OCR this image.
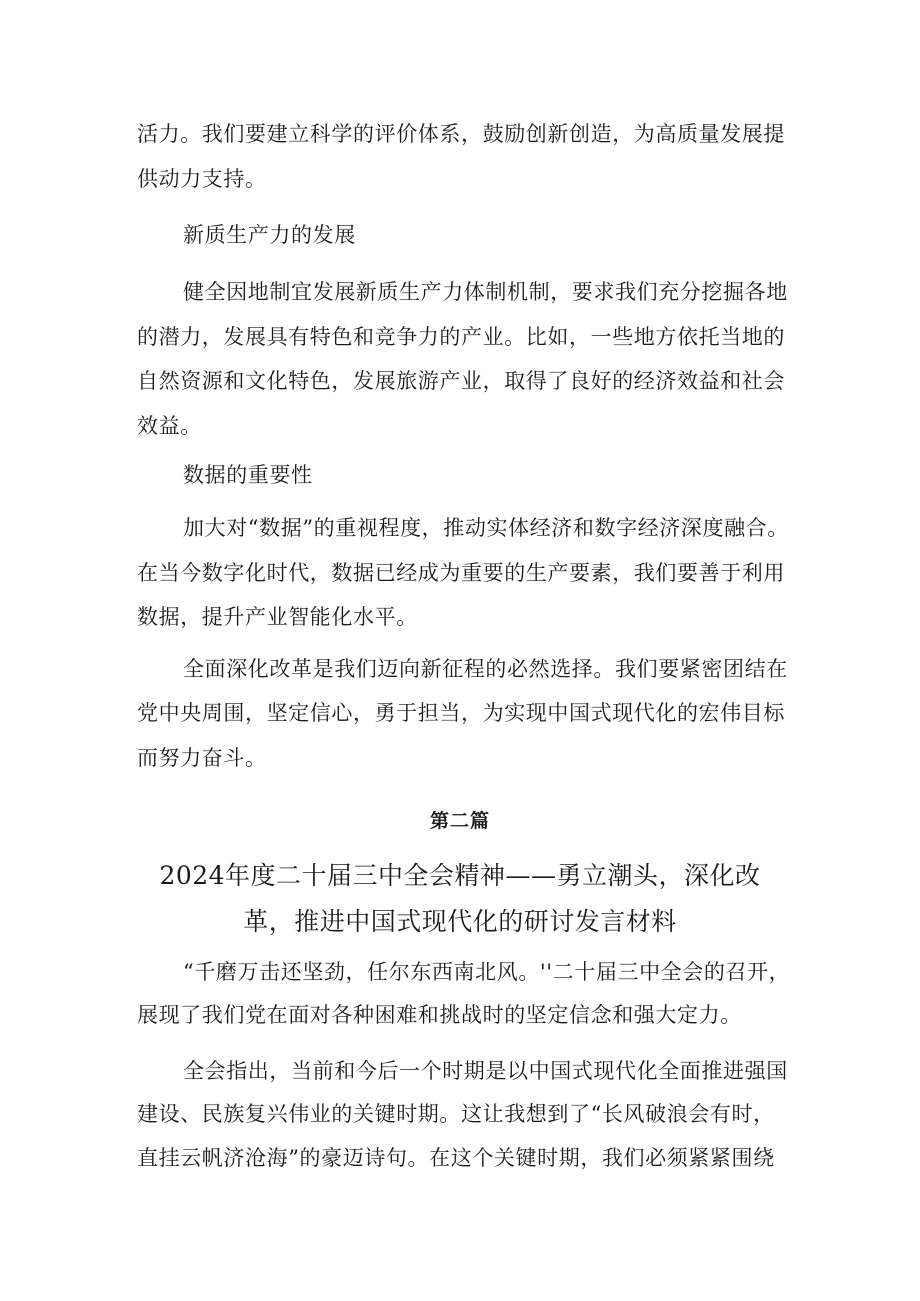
活力。我们要建立科学的评价体系，鼓励创新创造，为高质量发展提
供动力支持。
新质生产力的发展
健全因地制宜发展新质生产力体制机制，要求我们充分挖掘各地
的潜力，发展具有特色和竞争力的产业。比如，一些地方依托当地的
自然资源和文化特色，发展旅游产业，取得了良好的经济效益和社会
效益。
数据的重要性
加大对“数据”的重视程度，推动实体经济和数字经济深度融合。
在当今数字化时代，数据已经成为重要的生产要素，我们要善于利用
数据，提升产业智能化水平。
全面深化改革是我们迈向新征程的必然选择。我们要紧密团结在
党中央周围，坚定信心，勇于担当，为实现中国式现代化的宏伟目标
而努力奋斗。
第二篇
2024年度二十届三中全会精神——勇立潮头，深化改
革，推进中国式现代化的研讨发言材料
“千磨万击还坚劲，任尔东西南北风。''二十届三中全会的召开，
展现了我们党在面对各种困难和挑战时的坚定信念和强大定力。
全会指出，当前和今后一个时期是以中国式现代化全面推进强国
建设、民族复兴伟业的关键时期。这让我想到了“长风破浪会有时，
直挂云帆济沧海”的豪迈诗句。在这个关键时期，我们必须紧紧围绕
